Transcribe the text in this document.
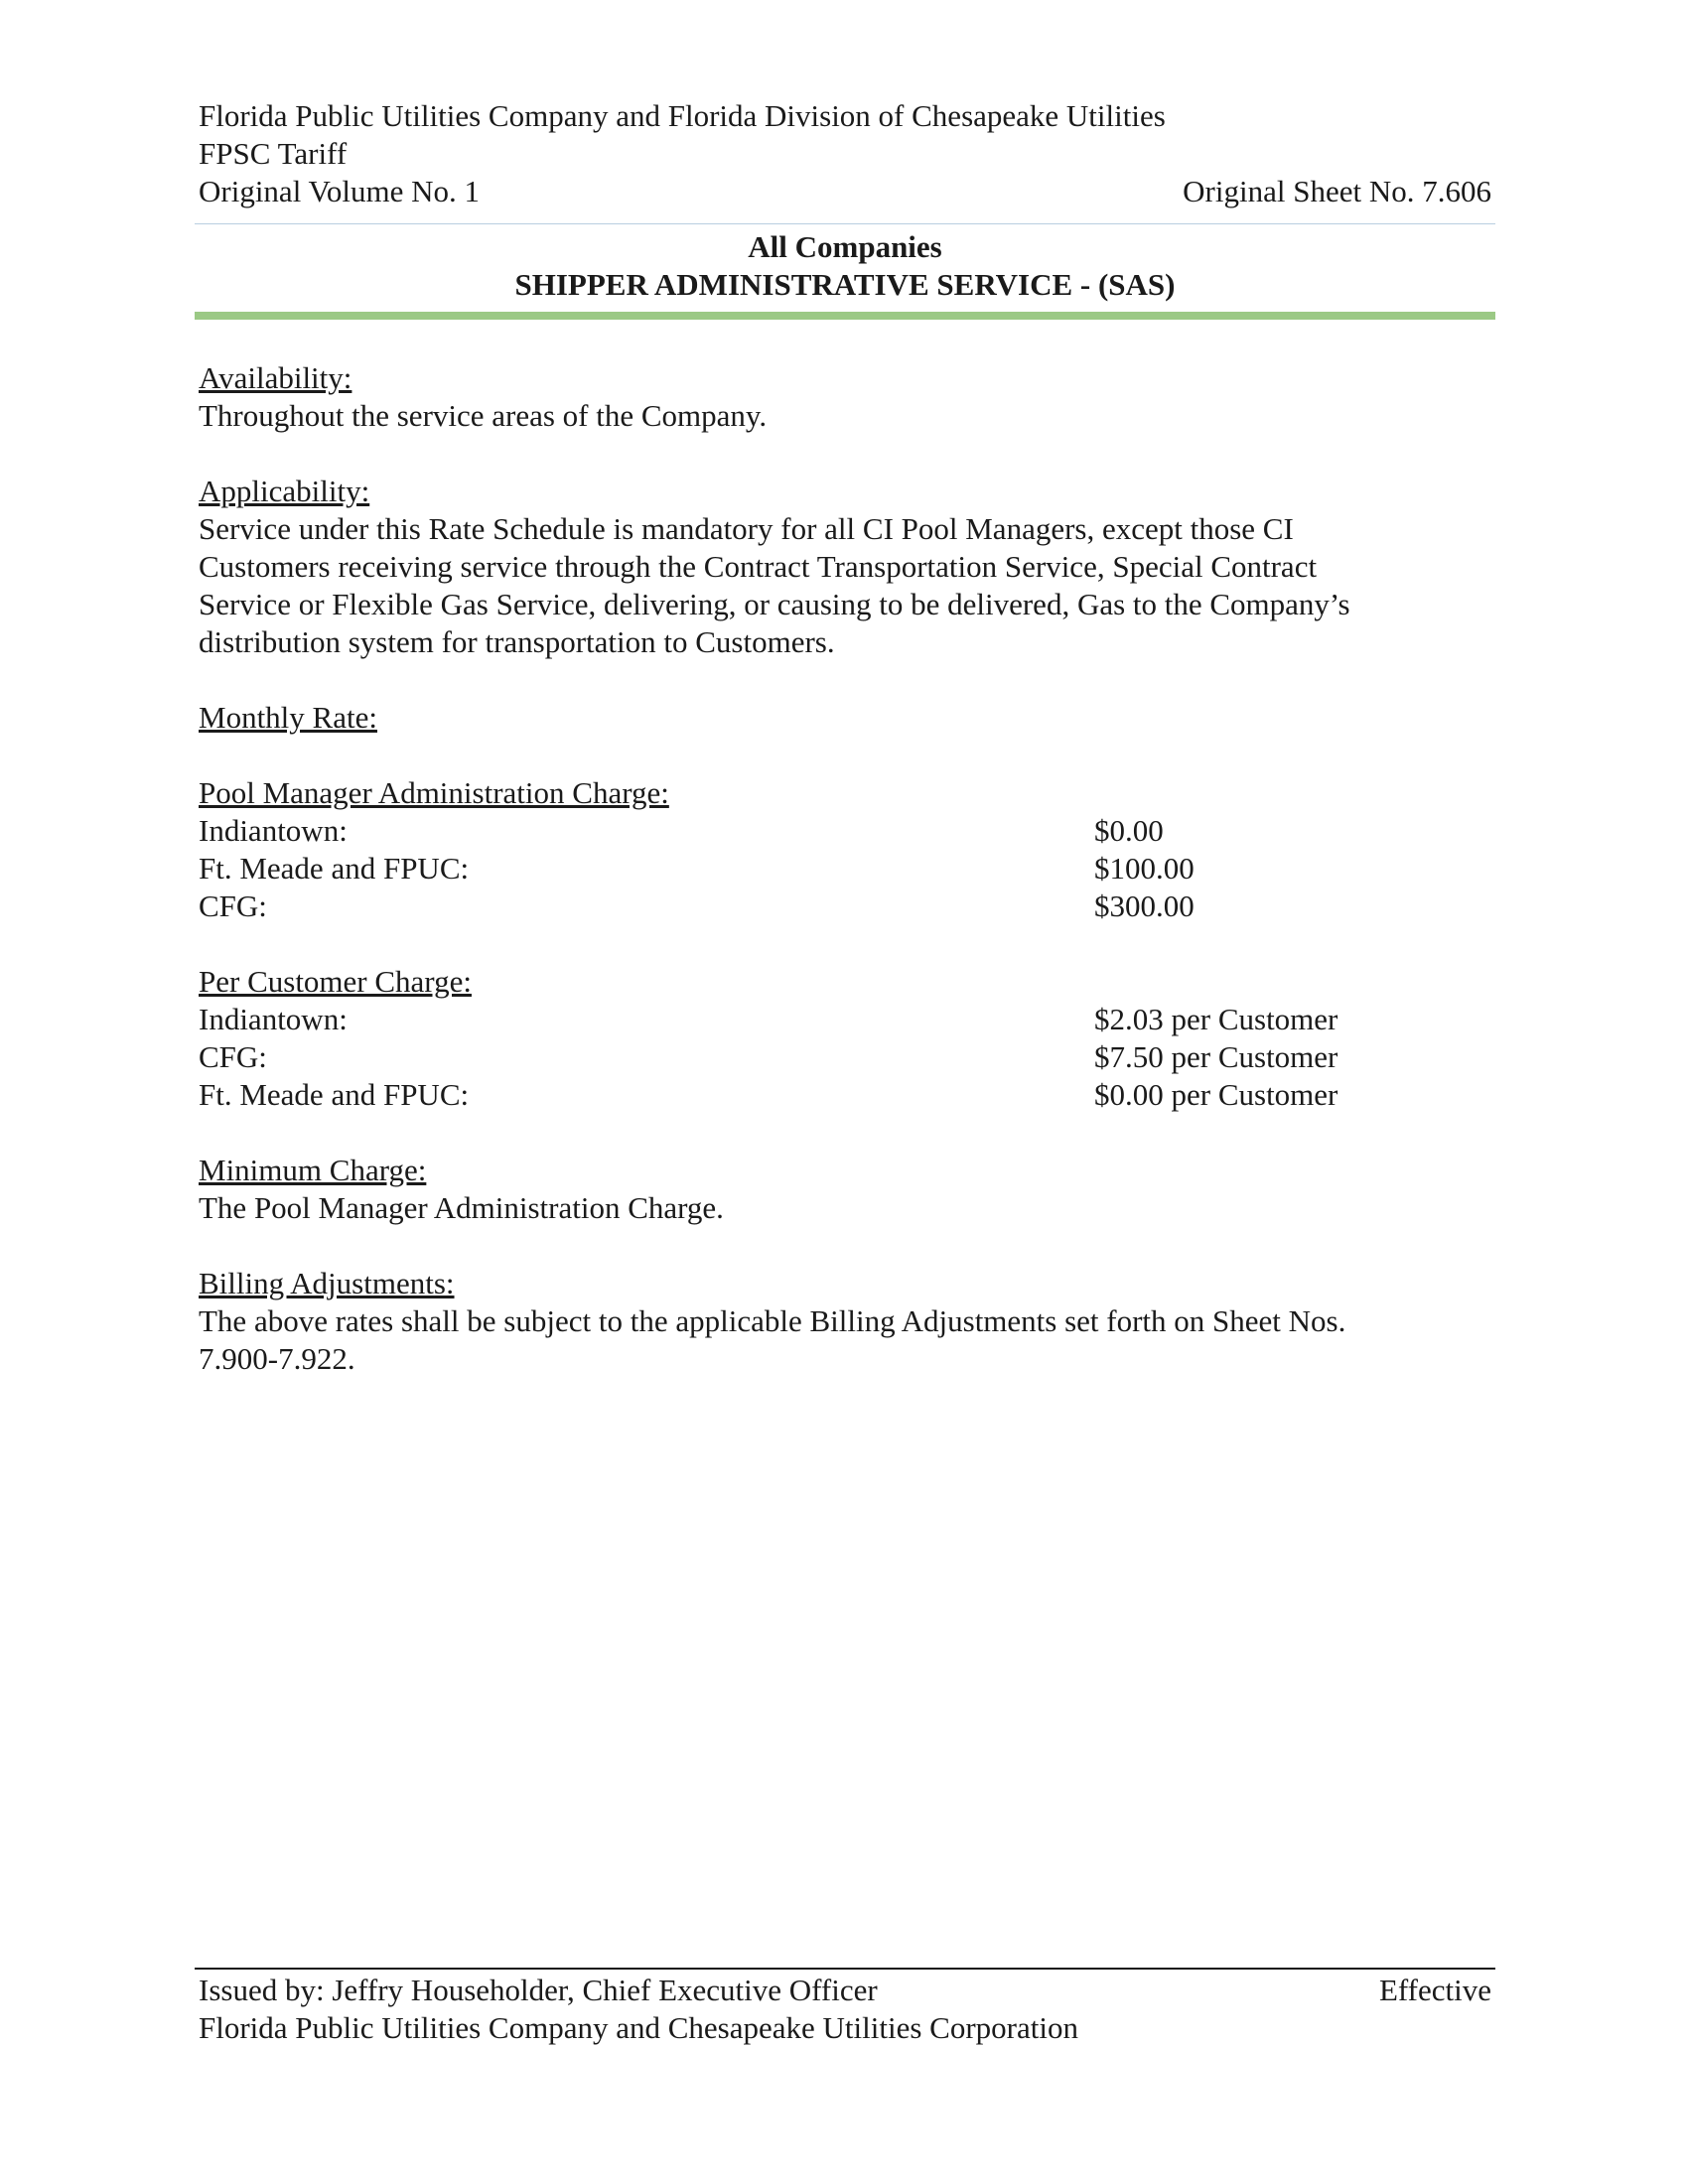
Florida Public Utilities Company and Florida Division of Chesapeake Utilities
FPSC Tariff
Original Volume No. 1	Original Sheet No. 7.606
All Companies
SHIPPER ADMINISTRATIVE SERVICE - (SAS)
Availability:
Throughout the service areas of the Company.
Applicability:
Service under this Rate Schedule is mandatory for all CI Pool Managers, except those CI
Customers receiving service through the Contract Transportation Service, Special Contract
Service or Flexible Gas Service, delivering, or causing to be delivered, Gas to the Company’s
distribution system for transportation to Customers.
Monthly Rate:
Pool Manager Administration Charge:
Indiantown:	$0.00
Ft. Meade and FPUC:	$100.00
CFG:	$300.00
Per Customer Charge:
Indiantown:	$2.03 per Customer
CFG:	$7.50 per Customer
Ft. Meade and FPUC:	$0.00 per Customer
Minimum Charge:
The Pool Manager Administration Charge.
Billing Adjustments:
The above rates shall be subject to the applicable Billing Adjustments set forth on Sheet Nos.
7.900-7.922.
Issued by: Jeffry Householder, Chief Executive Officer	Effective
Florida Public Utilities Company and Chesapeake Utilities Corporation
